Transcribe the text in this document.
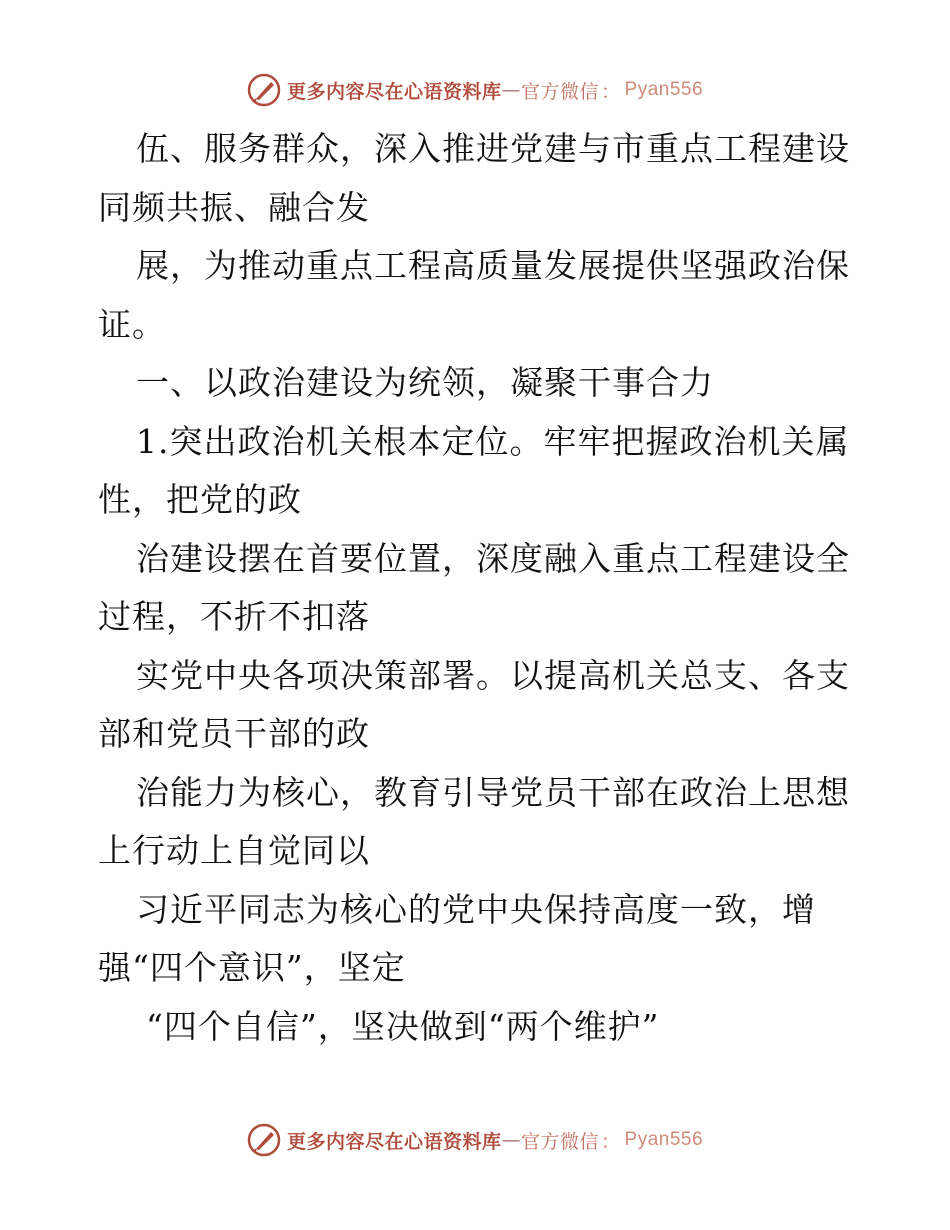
更多内容尽在心语资料库 — 官方微信 ： Pyan556
伍、服务群众，深入推进党建与市重点工程建设
同频共振、融合发
展，为推动重点工程高质量发展提供坚强政治保
证。
一、以政治建设为统领，凝聚干事合力
1.突出政治机关根本定位。牢牢把握政治机关属
性，把党的政
治建设摆在首要位置，深度融入重点工程建设全
过程，不折不扣落
实党中央各项决策部署。以提高机关总支、各支
部和党员干部的政
治能力为核心，教育引导党员干部在政治上思想
上行动上自觉同以
习近平同志为核心的党中央保持高度一致，增
强“四个意识”，坚定
“四个自信”，坚决做到“两个维护”
更多内容尽在心语资料库 — 官方微信 ： Pyan556
